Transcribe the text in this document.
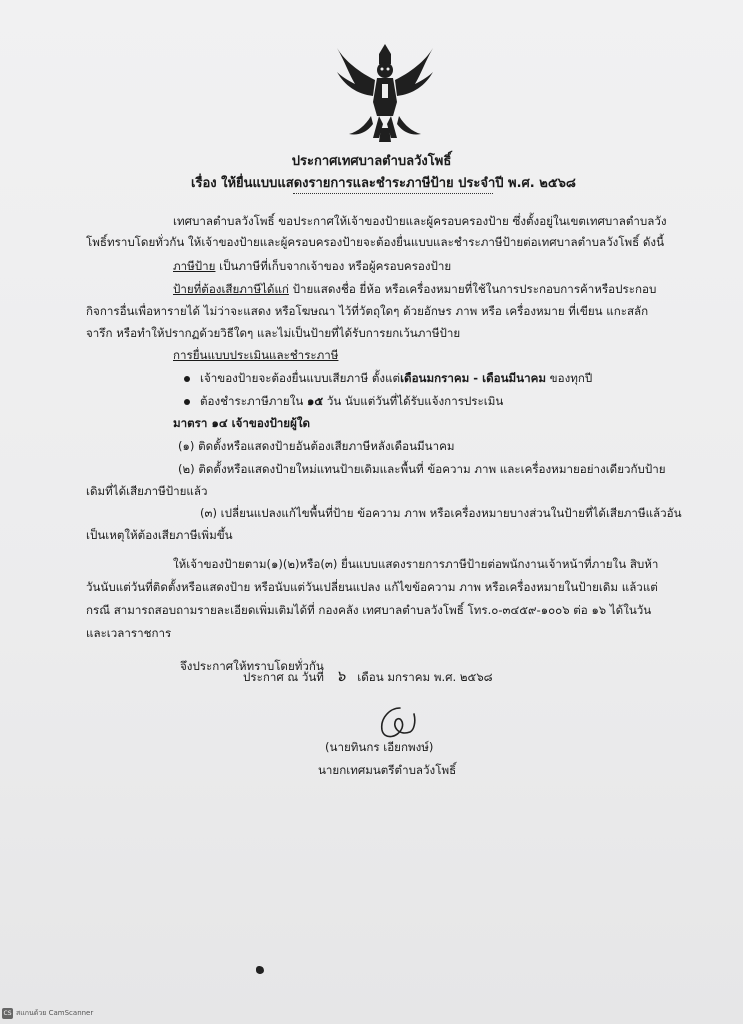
ประกาศเทศบาลตำบลวังโพธิ์
เรื่อง ให้ยื่นแบบแสดงรายการและชำระภาษีป้าย ประจำปี พ.ศ. ๒๕๖๘
เทศบาลตำบลวังโพธิ์ ขอประกาศให้เจ้าของป้ายและผู้ครอบครองป้าย ซึ่งตั้งอยู่ในเขตเทศบาลตำบลวัง
โพธิ์ทราบโดยทั่วกัน ให้เจ้าของป้ายและผู้ครอบครองป้ายจะต้องยื่นแบบและชำระภาษีป้ายต่อเทศบาลตำบลวังโพธิ์ ดังนี้
ภาษีป้าย เป็นภาษีที่เก็บจากเจ้าของ หรือผู้ครอบครองป้าย
ป้ายที่ต้องเสียภาษีได้แก่ ป้ายแสดงชื่อ ยี่ห้อ หรือเครื่องหมายที่ใช้ในการประกอบการค้าหรือประกอบ
กิจการอื่นเพื่อหารายได้ ไม่ว่าจะแสดง หรือโฆษณา ไว้ที่วัตถุใดๆ ด้วยอักษร ภาพ หรือ เครื่องหมาย ที่เขียน แกะสลัก
จารึก หรือทำให้ปรากฏด้วยวิธีใดๆ และไม่เป็นป้ายที่ได้รับการยกเว้นภาษีป้าย
การยื่นแบบประเมินและชำระภาษี
เจ้าของป้ายจะต้องยื่นแบบเสียภาษี ตั้งแต่เดือนมกราคม - เดือนมีนาคม ของทุกปี
ต้องชำระภาษีภายใน ๑๕ วัน นับแต่วันที่ได้รับแจ้งการประเมิน
มาตรา ๑๔ เจ้าของป้ายผู้ใด
(๑) ติดตั้งหรือแสดงป้ายอันต้องเสียภาษีหลังเดือนมีนาคม
(๒) ติดตั้งหรือแสดงป้ายใหม่แทนป้ายเดิมและพื้นที่ ข้อความ ภาพ และเครื่องหมายอย่างเดียวกับป้าย
เดิมที่ได้เสียภาษีป้ายแล้ว
(๓) เปลี่ยนแปลงแก้ไขพื้นที่ป้าย ข้อความ ภาพ หรือเครื่องหมายบางส่วนในป้ายที่ได้เสียภาษีแล้วอัน
เป็นเหตุให้ต้องเสียภาษีเพิ่มขึ้น
ให้เจ้าของป้ายตาม(๑)(๒)หรือ(๓) ยื่นแบบแสดงรายการภาษีป้ายต่อพนักงานเจ้าหน้าที่ภายใน สิบห้า
วันนับแต่วันที่ติดตั้งหรือแสดงป้าย หรือนับแต่วันเปลี่ยนแปลง แก้ไขข้อความ ภาพ หรือเครื่องหมายในป้ายเดิม แล้วแต่
กรณี สามารถสอบถามรายละเอียดเพิ่มเติมได้ที่ กองคลัง เทศบาลตำบลวังโพธิ์ โทร.๐-๓๔๕๙-๑๐๐๖ ต่อ ๑๖ ได้ในวัน
และเวลาราชการ
จึงประกาศให้ทราบโดยทั่วกัน
ประกาศ ณ วันที่ ๖ เดือน มกราคม พ.ศ. ๒๕๖๘
(นายทินกร เอียกพงษ์)
นายกเทศมนตรีตำบลวังโพธิ์
CS สแกนด้วย CamScanner
